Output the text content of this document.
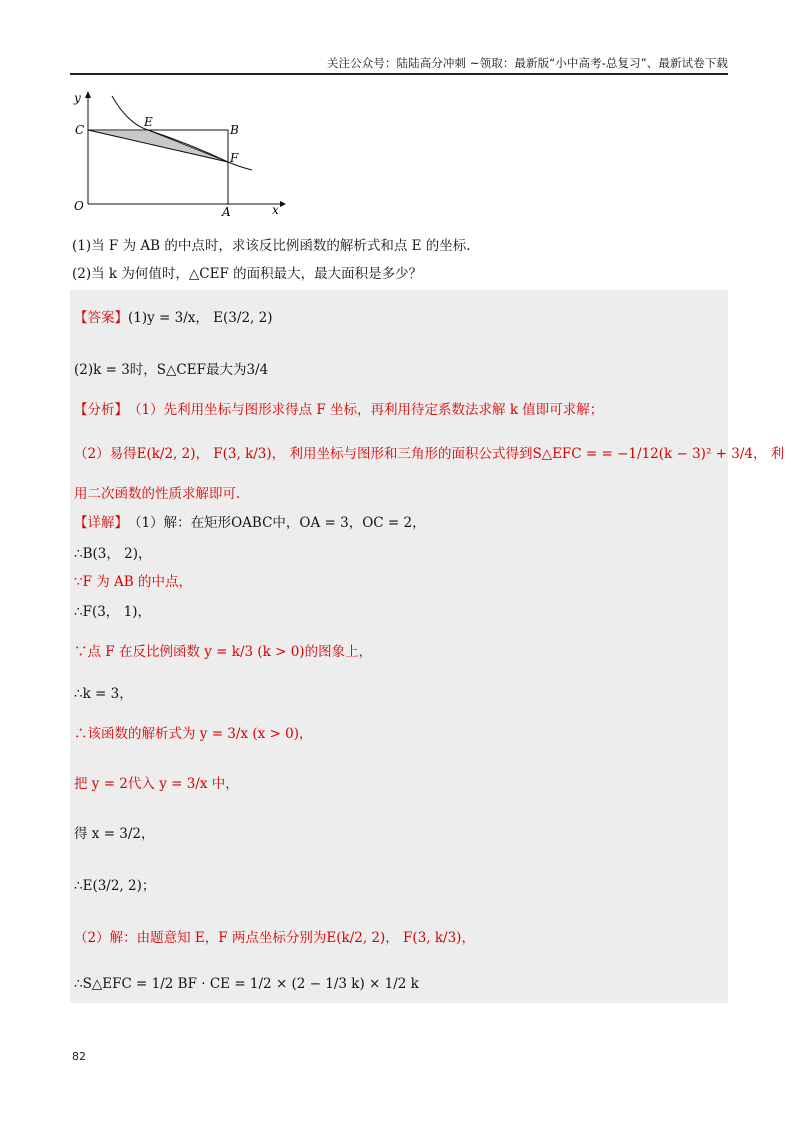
关注公众号：陆陆高分冲刺 ~领取：最新版“小中高考-总复习”、最新试卷下载
y
x
O	A
B
C
E
F
(1)当 F 为 AB 的中点时，求该反比例函数的解析式和点 E 的坐标.
(2)当 k 为何值时，△CEF 的面积最大，最大面积是多少？
【答案】 (1)y = 3/x， E(3/2, 2)
(2)k = 3时，S△CEF最大为3/4
【分析】 （1）先利用坐标与图形求得点 F 坐标，再利用待定系数法求解 k 值即可求解；
（2）易得E(k/2, 2)， F(3, k/3)， 利用坐标与图形和三角形的面积公式得到S△EFC = = −1/12(k − 3)² + 3/4， 利
用二次函数的性质求解即可.
【详解】 （1）解：在矩形OABC中，OA = 3，OC = 2，
∴B(3， 2)，
∵F 为 AB 的中点，
∴F(3， 1)，
∵点 F 在反比例函数 y = k/3 (k > 0)的图象上，
∴k = 3，
∴该函数的解析式为 y = 3/x (x > 0)，
把 y = 2代入 y = 3/x 中，
得 x = 3/2，
∴E(3/2, 2)；
（2）解：由题意知 E，F 两点坐标分别为E(k/2, 2)， F(3, k/3)，
∴S△EFC = 1/2 BF · CE = 1/2 × (2 − 1/3 k) × 1/2 k
82
